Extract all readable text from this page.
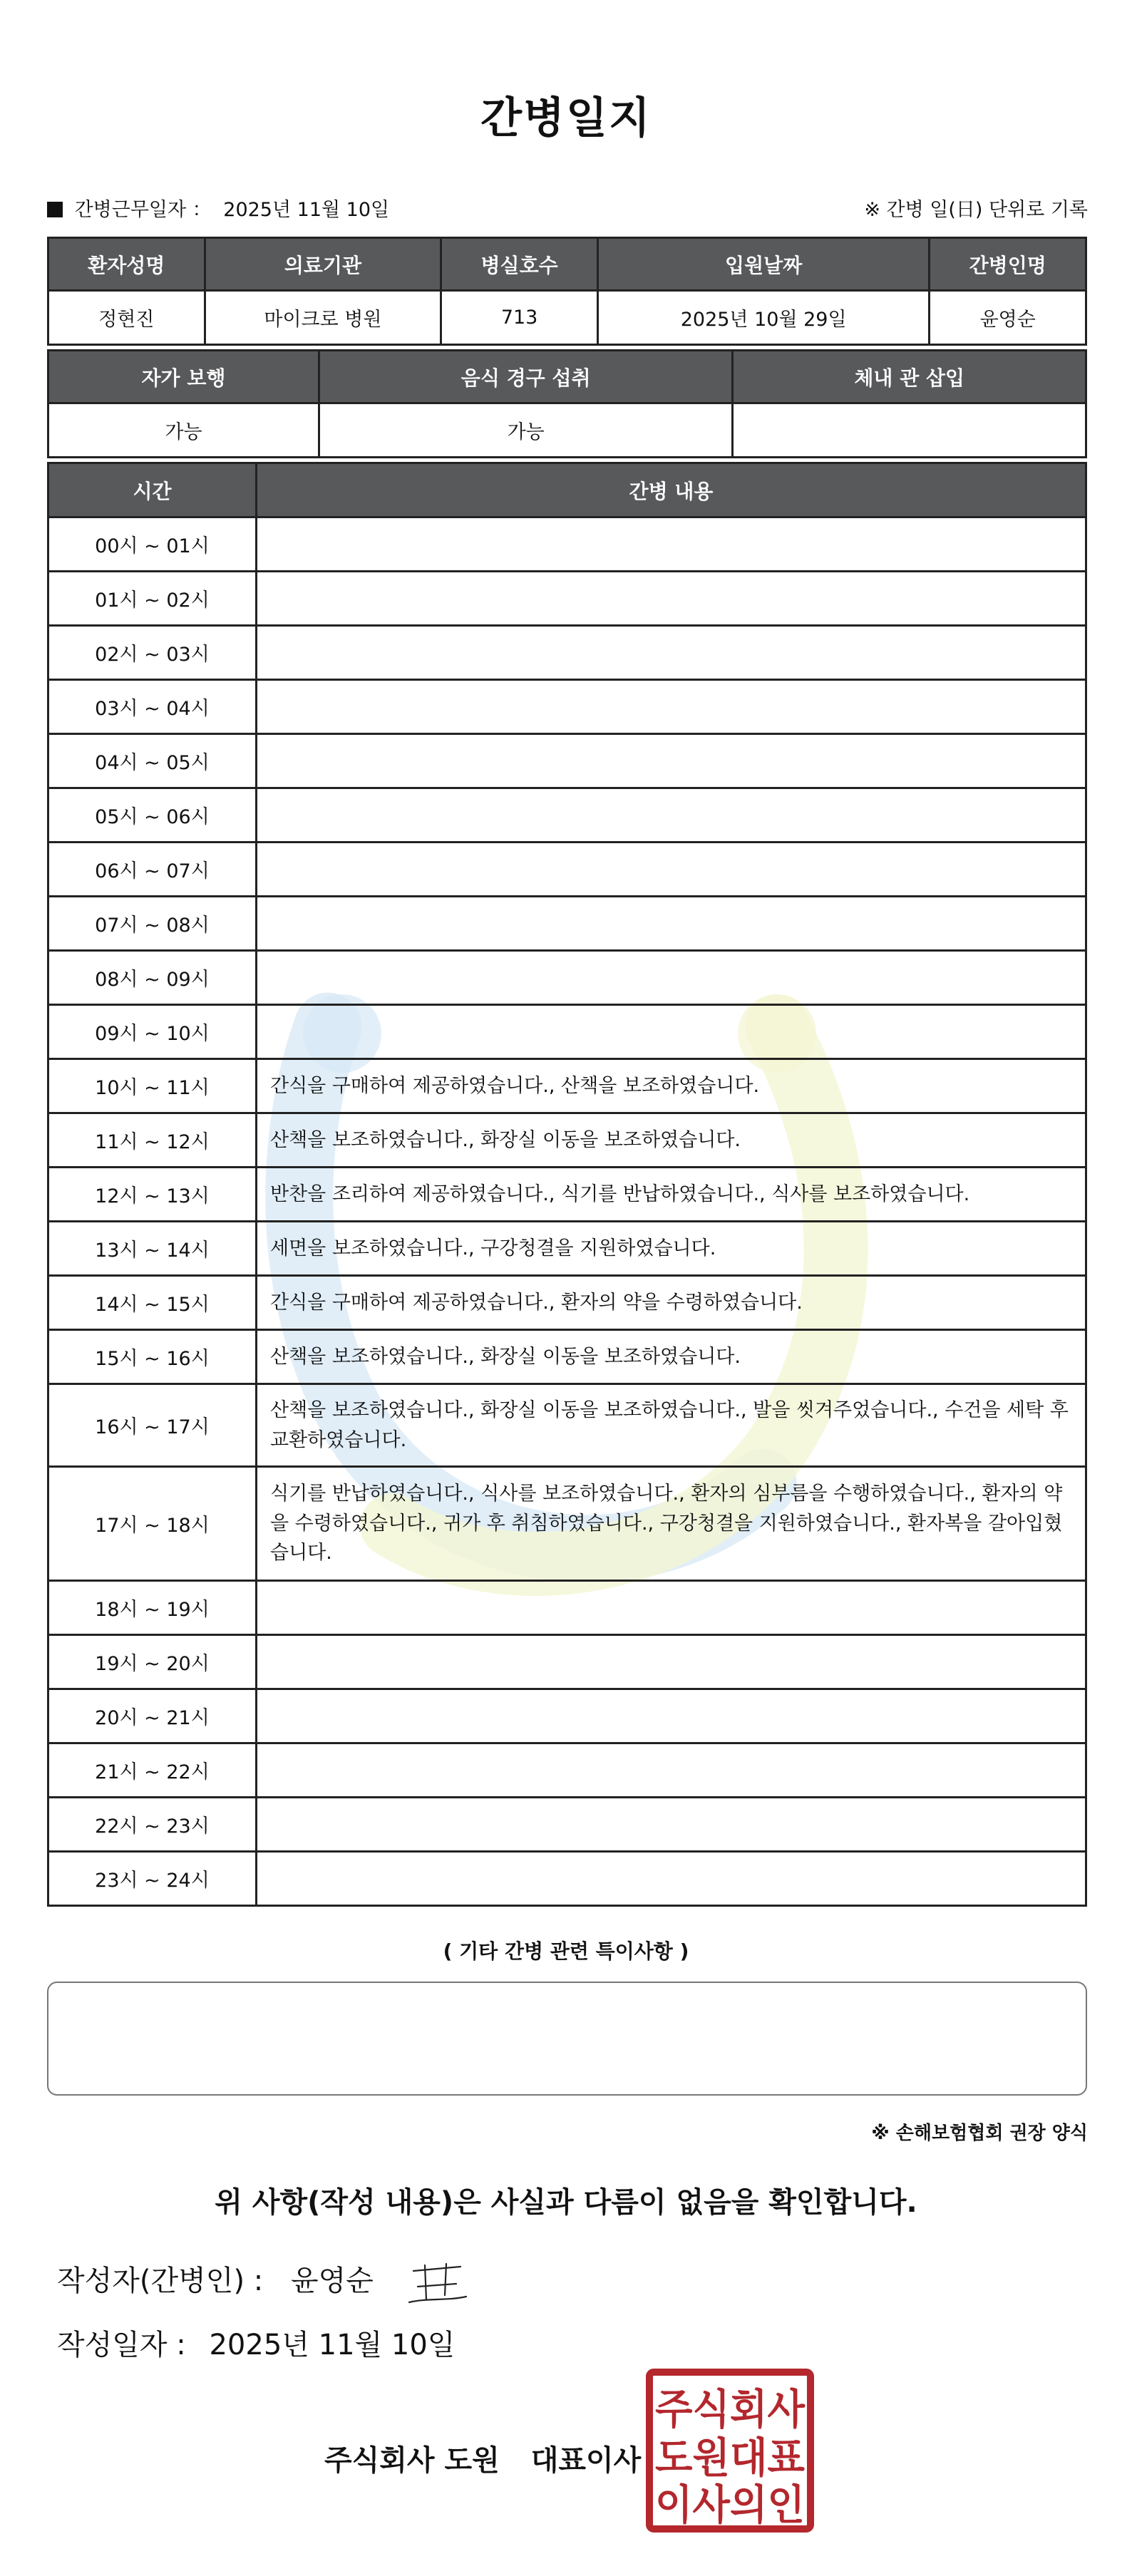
간병일지
간병근무일자 ： 2025년 11월 10일	※ 간병 일(日) 단위로 기록
환자성명	의료기관	병실호수	입원날짜	간병인명
정현진	마이크로 병원	713	2025년 10월 29일	윤영순
자가 보행	음식 경구 섭취	체내 관 삽입
가능	가능	
시간	간병 내용
00시 ~ 01시	
01시 ~ 02시	
02시 ~ 03시	
03시 ~ 04시	
04시 ~ 05시	
05시 ~ 06시	
06시 ~ 07시	
07시 ~ 08시	
08시 ~ 09시	
09시 ~ 10시	
10시 ~ 11시	간식을 구매하여 제공하였습니다., 산책을 보조하였습니다.
11시 ~ 12시	산책을 보조하였습니다., 화장실 이동을 보조하였습니다.
12시 ~ 13시	반찬을 조리하여 제공하였습니다., 식기를 반납하였습니다., 식사를 보조하였습니다.
13시 ~ 14시	세면을 보조하였습니다., 구강청결을 지원하였습니다.
14시 ~ 15시	간식을 구매하여 제공하였습니다., 환자의 약을 수령하였습니다.
15시 ~ 16시	산책을 보조하였습니다., 화장실 이동을 보조하였습니다.
16시 ~ 17시	산책을 보조하였습니다., 화장실 이동을 보조하였습니다., 발을 씻겨주었습니다., 수건을 세탁 후 교환하였습니다.
17시 ~ 18시	식기를 반납하였습니다., 식사를 보조하였습니다., 환자의 심부름을 수행하였습니다., 환자의 약을 수령하였습니다., 귀가 후 취침하였습니다., 구강청결을 지원하였습니다., 환자복을 갈아입혔습니다.
18시 ~ 19시	
19시 ~ 20시	
20시 ~ 21시	
21시 ~ 22시	
22시 ~ 23시	
23시 ~ 24시	
( 기타 간병 관련 특이사항 )
※ 손해보험협회 권장 양식
위 사항(작성 내용)은 사실과 다름이 없음을 확인합니다.
작성자(간병인) : 윤영순
작성일자 : 2025년 11월 10일
주식회사 도원 대표이사
주식회사
도원대표
이사의인
